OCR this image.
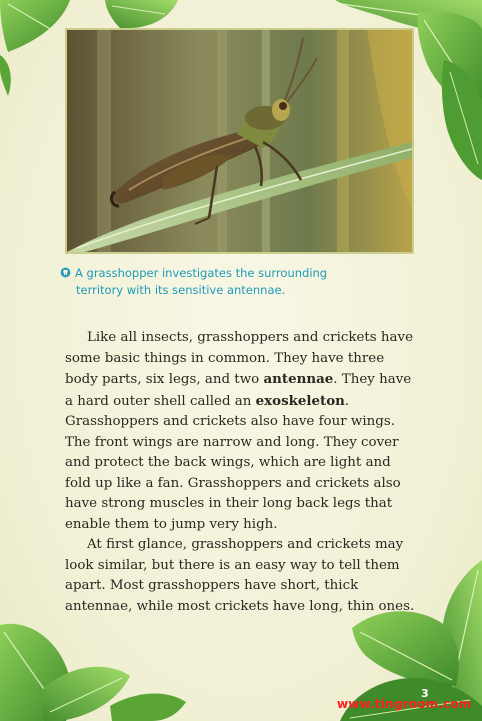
A grasshopper investigates the surrounding
territory with its sensitive antennae.

Like all insects, grasshoppers and crickets have some basic things in common. They have three body parts, six legs, and two antennae. They have a hard outer shell called an exoskeleton. Grasshoppers and crickets also have four wings. The front wings are narrow and long. They cover and protect the back wings, which are light and fold up like a fan. Grasshoppers and crickets also have strong muscles in their long back legs that enable them to jump very high.

At first glance, grasshoppers and crickets may look similar, but there is an easy way to tell them apart. Most grasshoppers have short, thick antennae, while most crickets have long, thin ones.

3
www.tingroom.com
